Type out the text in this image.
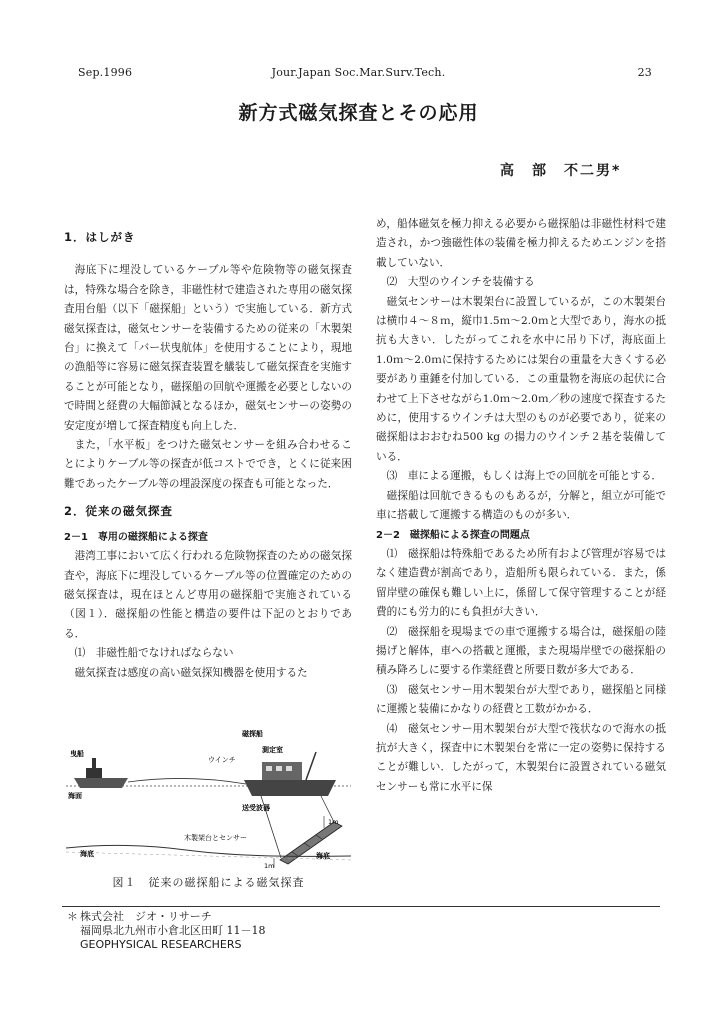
Sep.1996	Jour.Japan Soc.Mar.Surv.Tech.	23
新方式磁気探査とその応用
高　部　不二男*

1．はしがき

海底下に埋没しているケーブル等や危険物等の磁気探査は，特殊な場合を除き，非磁性材で建造された専用の磁気探査用台船（以下「磁探船」という）で実施している．新方式磁気探査は，磁気センサーを装備するための従来の「木製架台」に換えて「バー状曳航体」を使用することにより，現地の漁船等に容易に磁気探査装置を艤装して磁気探査を実施することが可能となり，磁探船の回航や運搬を必要としないので時間と経費の大幅節減となるほか，磁気センサーの姿勢の安定度が増して探査精度も向上した．

また，「水平板」をつけた磁気センサーを組み合わせることによりケーブル等の探査が低コストででき，とくに従来困難であったケーブル等の埋設深度の探査も可能となった．

2．従来の磁気探査

2－1　専用の磁探船による探査

港湾工事において広く行われる危険物探査のための磁気探査や，海底下に埋没しているケーブル等の位置確定のための磁気探査は，現在ほとんど専用の磁探船で実施されている（図１）．磁探船の性能と構造の要件は下記のとおりである．

⑴　非磁性船でなければならない

磁気探査は感度の高い磁気探知機器を使用するた

曳船
磁探船
測定室
ウインチ
海面
送受波器
木製架台とセンサー
海底	海底
1m
1m
図１　従来の磁探船による磁気探査

め，船体磁気を極力抑える必要から磁探船は非磁性材料で建造され，かつ強磁性体の装備を極力抑えるためエンジンを搭載していない．

⑵　大型のウインチを装備する

磁気センサーは木製架台に設置しているが，この木製架台は横巾４～８ｍ，縦巾1.5ｍ～2.0ｍと大型であり，海水の抵抗も大きい．したがってこれを水中に吊り下げ，海底面上1.0ｍ～2.0ｍに保持するためには架台の重量を大きくする必要があり重錘を付加している．この重量物を海底の起伏に合わせて上下させながら1.0ｍ～2.0ｍ／秒の速度で探査するために，使用するウインチは大型のものが必要であり，従来の磁探船はおおむね500 kg の揚力のウインチ２基を装備している．

⑶　車による運搬，もしくは海上での回航を可能とする．

磁探船は回航できるものもあるが，分解と，組立が可能で車に搭載して運搬する構造のものが多い．

2－2　磁探船による探査の問題点

⑴　磁探船は特殊船であるため所有および管理が容易ではなく建造費が割高であり，造船所も限られている．また，係留岸壁の確保も難しい上に，係留して保守管理することが経費的にも労力的にも負担が大きい．

⑵　磁探船を現場までの車で運搬する場合は，磁探船の陸揚げと解体，車への搭載と運搬，また現場岸壁での磁探船の積み降ろしに要する作業経費と所要日数が多大である．

⑶　磁気センサー用木製架台が大型であり，磁探船と同様に運搬と装備にかなりの経費と工数がかかる．

⑷　磁気センサー用木製架台が大型で筏状なので海水の抵抗が大きく，探査中に木製架台を常に一定の姿勢に保持することが難しい．したがって，木製架台に設置されている磁気センサーも常に水平に保

＊ 株式会社　ジオ・リサーチ
福岡県北九州市小倉北区田町 11－18
GEOPHYSICAL RESEARCHERS
